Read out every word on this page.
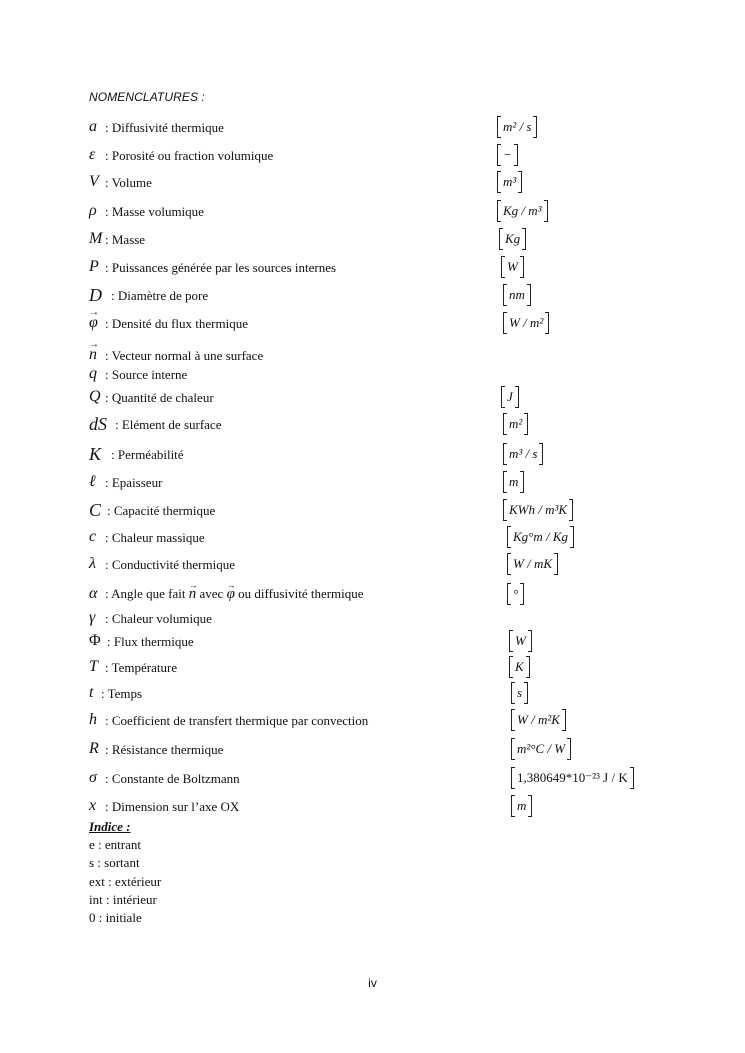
NOMENCLATURES :
a : Diffusivité thermique	m² / s
ε : Porosité ou fraction volumique	−
V : Volume	m³
ρ : Masse volumique	Kg / m³
M : Masse	Kg
P : Puissances générée par les sources internes	W
D : Diamètre de pore	nm
→ φ : Densité du flux thermique	W / m²
→ n : Vecteur normal à une surface
q : Source interne
Q : Quantité de chaleur	J
dS : Elément de surface	m²
K : Perméabilité	m³ / s
ℓ : Epaisseur	m
C : Capacité thermique	KWh / m³K
c : Chaleur massique	Kg°m / Kg
λ : Conductivité thermique	W / mK
α : Angle que fait → n avec → φ ou diffusivité thermique	°
γ : Chaleur volumique
Φ : Flux thermique	W
T : Température	K
t : Temps	s
h : Coefficient de transfert thermique par convection	W / m²K
R : Résistance thermique	m²°C / W
σ : Constante de Boltzmann	1,380649*10⁻²³ J / K
x : Dimension sur l’axe OX	m
Indice :
e : entrant
s : sortant
ext : extérieur
int : intérieur
0 : initiale
iv
